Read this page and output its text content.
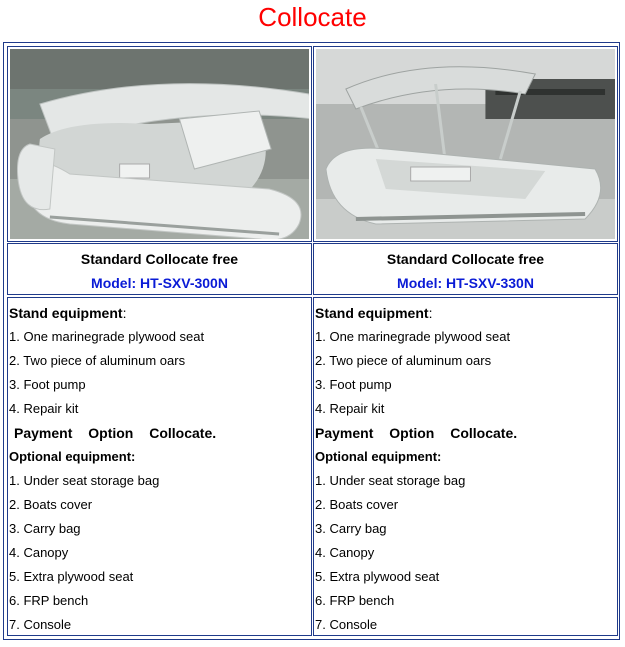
Collocate
Standard Collocate free
Model: HT-SXV-300N
Standard Collocate free
Model: HT-SXV-330N
Stand equipment:
1. One marinegrade plywood seat
2. Two piece of aluminum oars
3. Foot pump
4. Repair kit
Payment Option Collocate.
Optional equipment:
1. Under seat storage bag
2. Boats cover
3. Carry bag
4. Canopy
5. Extra plywood seat
6. FRP bench
7. Console
Stand equipment:
1. One marinegrade plywood seat
2. Two piece of aluminum oars
3. Foot pump
4. Repair kit
Payment Option Collocate.
Optional equipment:
1. Under seat storage bag
2. Boats cover
3. Carry bag
4. Canopy
5. Extra plywood seat
6. FRP bench
7. Console
